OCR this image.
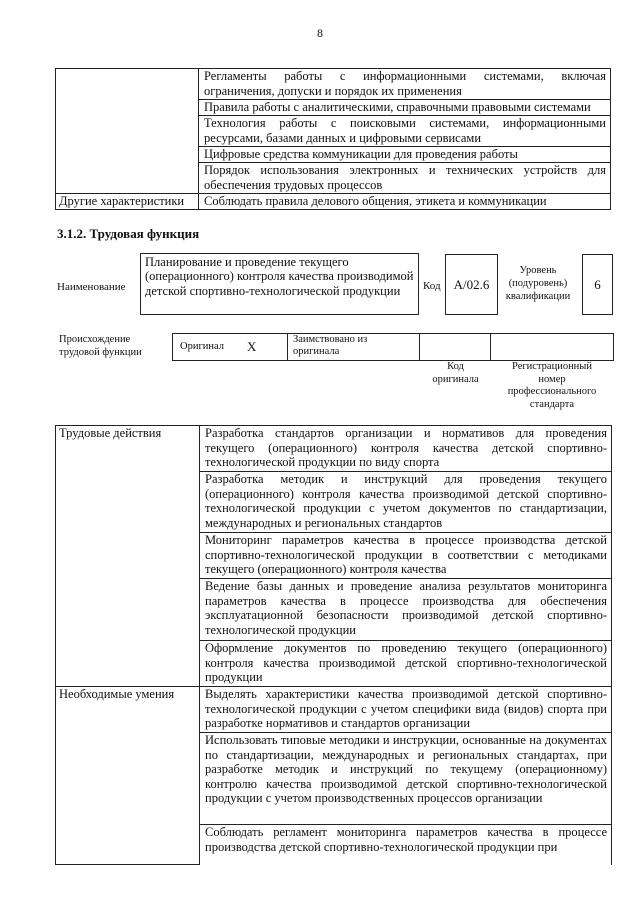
8
	Регламенты работы с информационными системами, включая ограничения, допуски и порядок их применения
	Правила работы с аналитическими, справочными правовыми системами
	Технология работы с поисковыми системами, информационными ресурсами, базами данных и цифровыми сервисами
	Цифровые средства коммуникации для проведения работы
	Порядок использования электронных и технических устройств для обеспечения трудовых процессов
Другие характеристики	Соблюдать правила делового общения, этикета и коммуникации
3.1.2. Трудовая функция
Наименование
Планирование и проведение текущего (операционного) контроля качества производимой детской спортивно-технологической продукции	Код A/02.6
Уровень (подуровень) квалификации
6
Происхождение трудовой функции	Оригинал X	Заимствовано из оригинала
Код оригинала
Регистрационный номер профессионального стандарта
Трудовые действия	Разработка стандартов организации и нормативов для проведения текущего (операционного) контроля качества детской спортивно-технологической продукции по виду спорта
	Разработка методик и инструкций для проведения текущего (операционного) контроля качества производимой детской спортивно-технологической продукции с учетом документов по стандартизации, международных и региональных стандартов
	Мониторинг параметров качества в процессе производства детской спортивно-технологической продукции в соответствии с методиками текущего (операционного) контроля качества
	Ведение базы данных и проведение анализа результатов мониторинга параметров качества в процессе производства для обеспечения эксплуатационной безопасности производимой детской спортивно-технологической продукции
	Оформление документов по проведению текущего (операционного) контроля качества производимой детской спортивно-технологической продукции
Необходимые умения	Выделять характеристики качества производимой детской спортивно-технологической продукции с учетом специфики вида (видов) спорта при разработке нормативов и стандартов организации
	Использовать типовые методики и инструкции, основанные на документах по стандартизации, международных и региональных стандартах, при разработке методик и инструкций по текущему (операционному) контролю качества производимой детской спортивно-технологической продукции с учетом производственных процессов организации
	Соблюдать регламент мониторинга параметров качества в процессе производства детской спортивно-технологической продукции при
